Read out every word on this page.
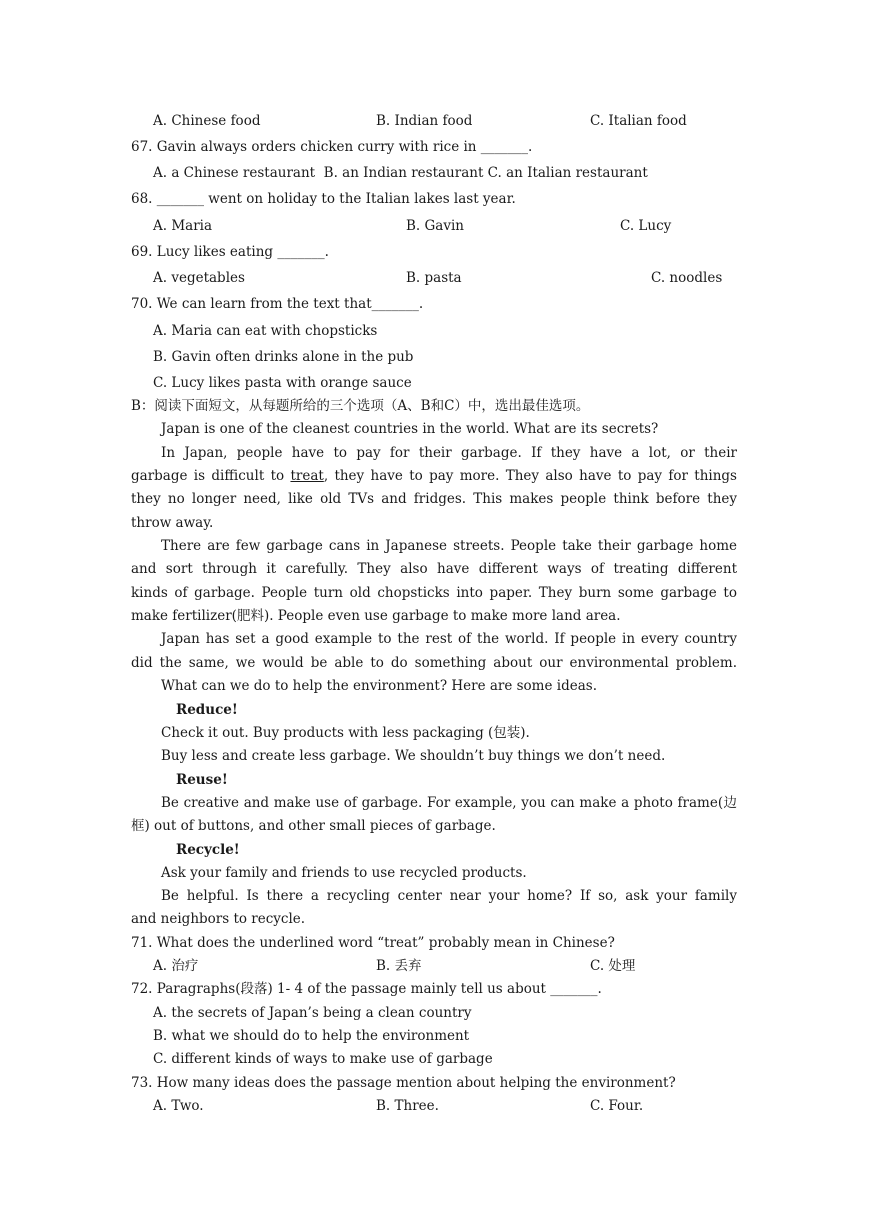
A. Chinese food	B. Indian food	C. Italian food
67. Gavin always orders chicken curry with rice in _______.
A. a Chinese restaurant  B. an Indian restaurant C. an Italian restaurant
68. _______ went on holiday to the Italian lakes last year.
A. Maria	B. Gavin	C. Lucy
69. Lucy likes eating _______.
A. vegetables	B. pasta	C. noodles
70. We can learn from the text that_______.
A. Maria can eat with chopsticks
B. Gavin often drinks alone in the pub
C. Lucy likes pasta with orange sauce
B：阅读下面短文，从每题所给的三个选项（A、B和C）中，选出最佳选项。
Japan is one of the cleanest countries in the world. What are its secrets?
In Japan, people have to pay for their garbage. If they have a lot, or their
garbage is difficult to treat, they have to pay more. They also have to pay for things
they no longer need, like old TVs and fridges. This makes people think before they
throw away.
There are few garbage cans in Japanese streets. People take their garbage home
and sort through it carefully. They also have different ways of treating different
kinds of garbage. People turn old chopsticks into paper. They burn some garbage to
make fertilizer(肥料). People even use garbage to make more land area.
Japan has set a good example to the rest of the world. If people in every country
did the same, we would be able to do something about our environmental problem.
What can we do to help the environment? Here are some ideas.
Reduce!
Check it out. Buy products with less packaging (包装).
Buy less and create less garbage. We shouldn’t buy things we don’t need.
Reuse!
Be creative and make use of garbage. For example, you can make a photo frame(边
框) out of buttons, and other small pieces of garbage.
Recycle!
Ask your family and friends to use recycled products.
Be helpful. Is there a recycling center near your home? If so, ask your family
and neighbors to recycle.
71. What does the underlined word “treat” probably mean in Chinese?
A. 治疗	B. 丢弃	C. 处理
72. Paragraphs(段落) 1- 4 of the passage mainly tell us about _______.
A. the secrets of Japan’s being a clean country
B. what we should do to help the environment
C. different kinds of ways to make use of garbage
73. How many ideas does the passage mention about helping the environment?
A. Two.	B. Three.	C. Four.
